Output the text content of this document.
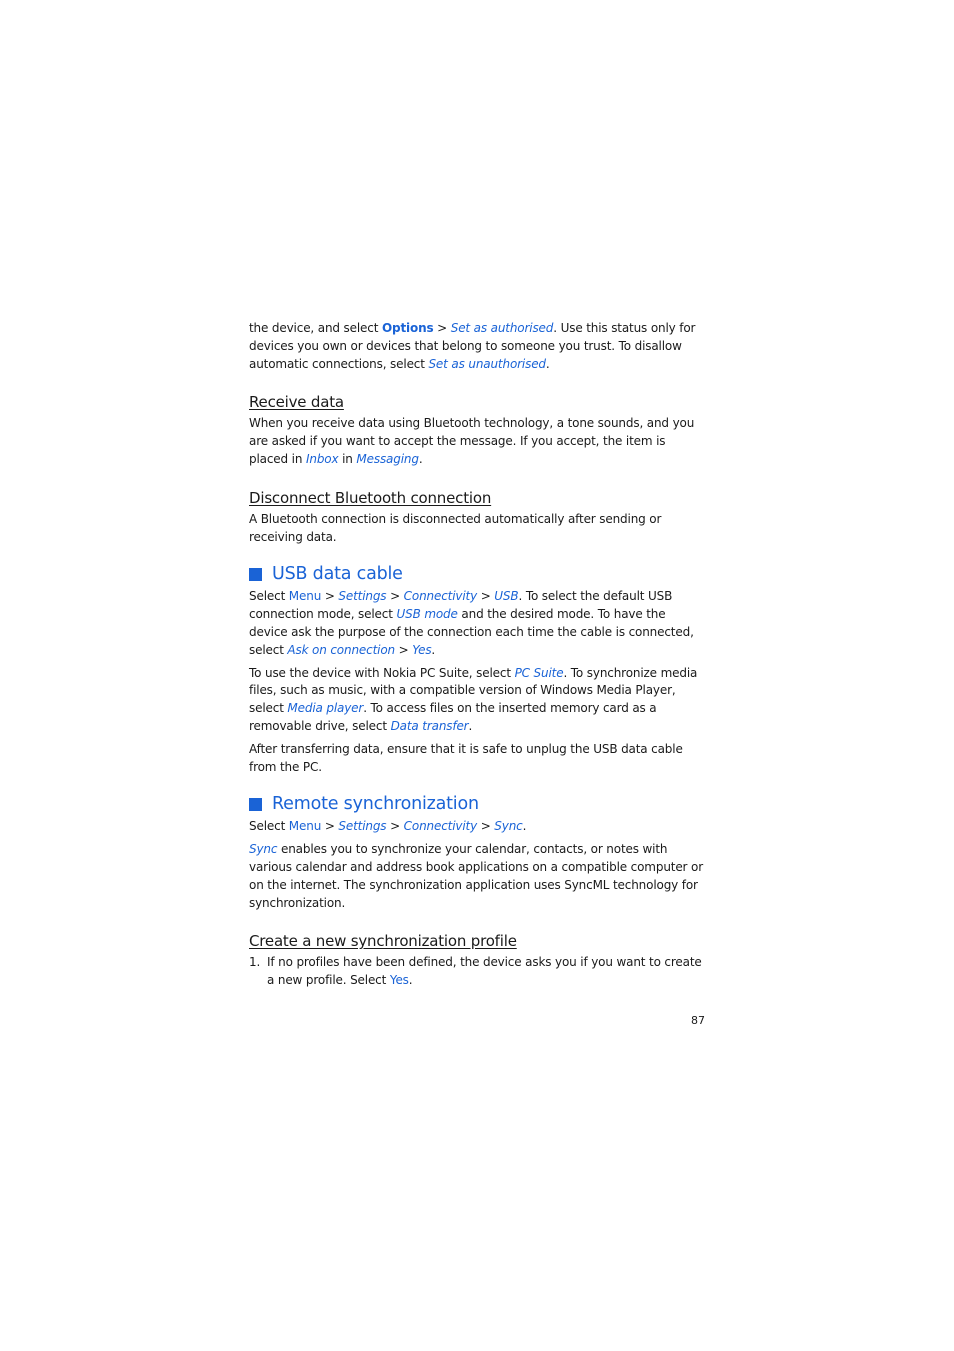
the device, and select Options > Set as authorised. Use this status only for devices you own or devices that belong to someone you trust. To disallow automatic connections, select Set as unauthorised.

Receive data

When you receive data using Bluetooth technology, a tone sounds, and you are asked if you want to accept the message. If you accept, the item is placed in Inbox in Messaging.

Disconnect Bluetooth connection

A Bluetooth connection is disconnected automatically after sending or receiving data.

USB data cable

Select Menu > Settings > Connectivity > USB. To select the default USB connection mode, select USB mode and the desired mode. To have the device ask the purpose of the connection each time the cable is connected, select Ask on connection > Yes.

To use the device with Nokia PC Suite, select PC Suite. To synchronize media files, such as music, with a compatible version of Windows Media Player, select Media player. To access files on the inserted memory card as a removable drive, select Data transfer.

After transferring data, ensure that it is safe to unplug the USB data cable from the PC.

Remote synchronization

Select Menu > Settings > Connectivity > Sync.

Sync enables you to synchronize your calendar, contacts, or notes with various calendar and address book applications on a compatible computer or on the internet. The synchronization application uses SyncML technology for synchronization.

Create a new synchronization profile
1. If no profiles have been defined, the device asks you if you want to create a new profile. Select Yes.
87
